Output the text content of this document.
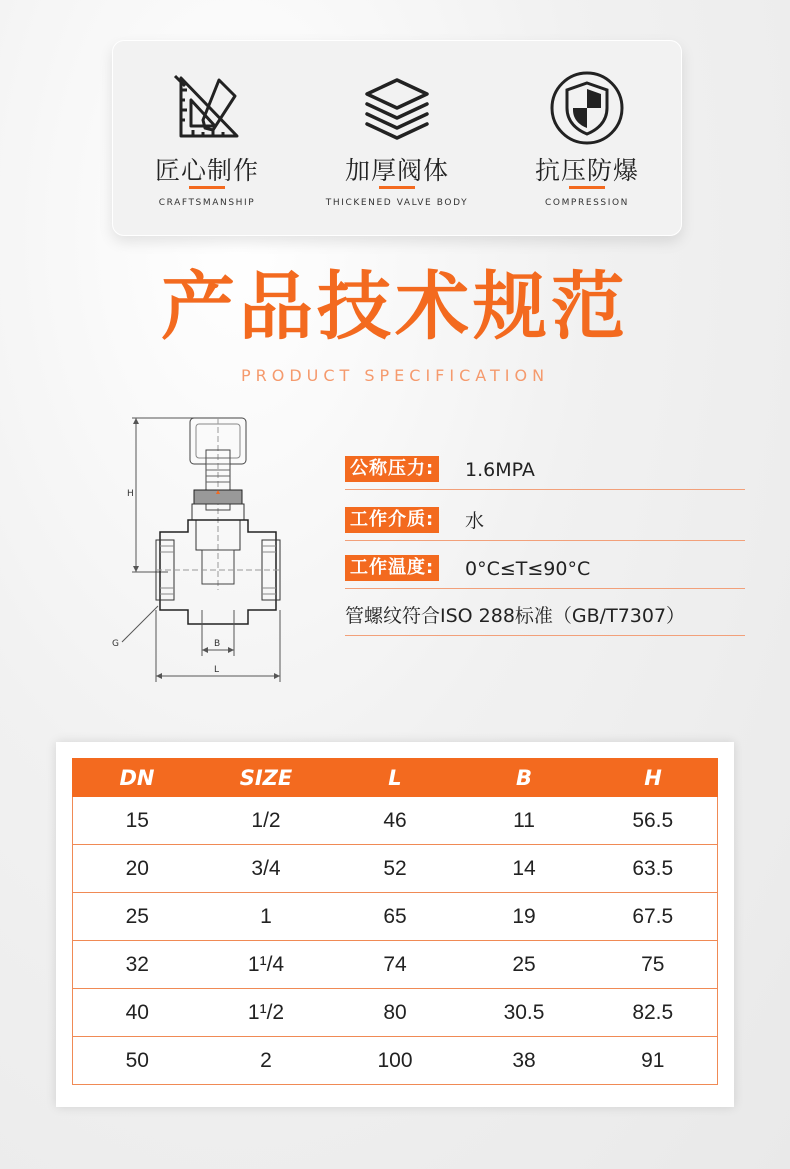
匠心制作
CRAFTSMANSHIP
加厚阀体
THICKENED VALVE BODY
抗压防爆
COMPRESSION
产品技术规范
PRODUCT SPECIFICATION
H
G	B
L
公称压力: 1.6MPA
工作介质: 水
工作温度: 0°C≤T≤90°C
管螺纹符合ISO 288标准（GB/T7307）
DN	SIZE	L	B	H
15	1/2	46	11	56.5
20	3/4	52	14	63.5
25	1	65	19	67.5
32	1¹/4	74	25	75
40	1¹/2	80	30.5	82.5
50	2	100	38	91
